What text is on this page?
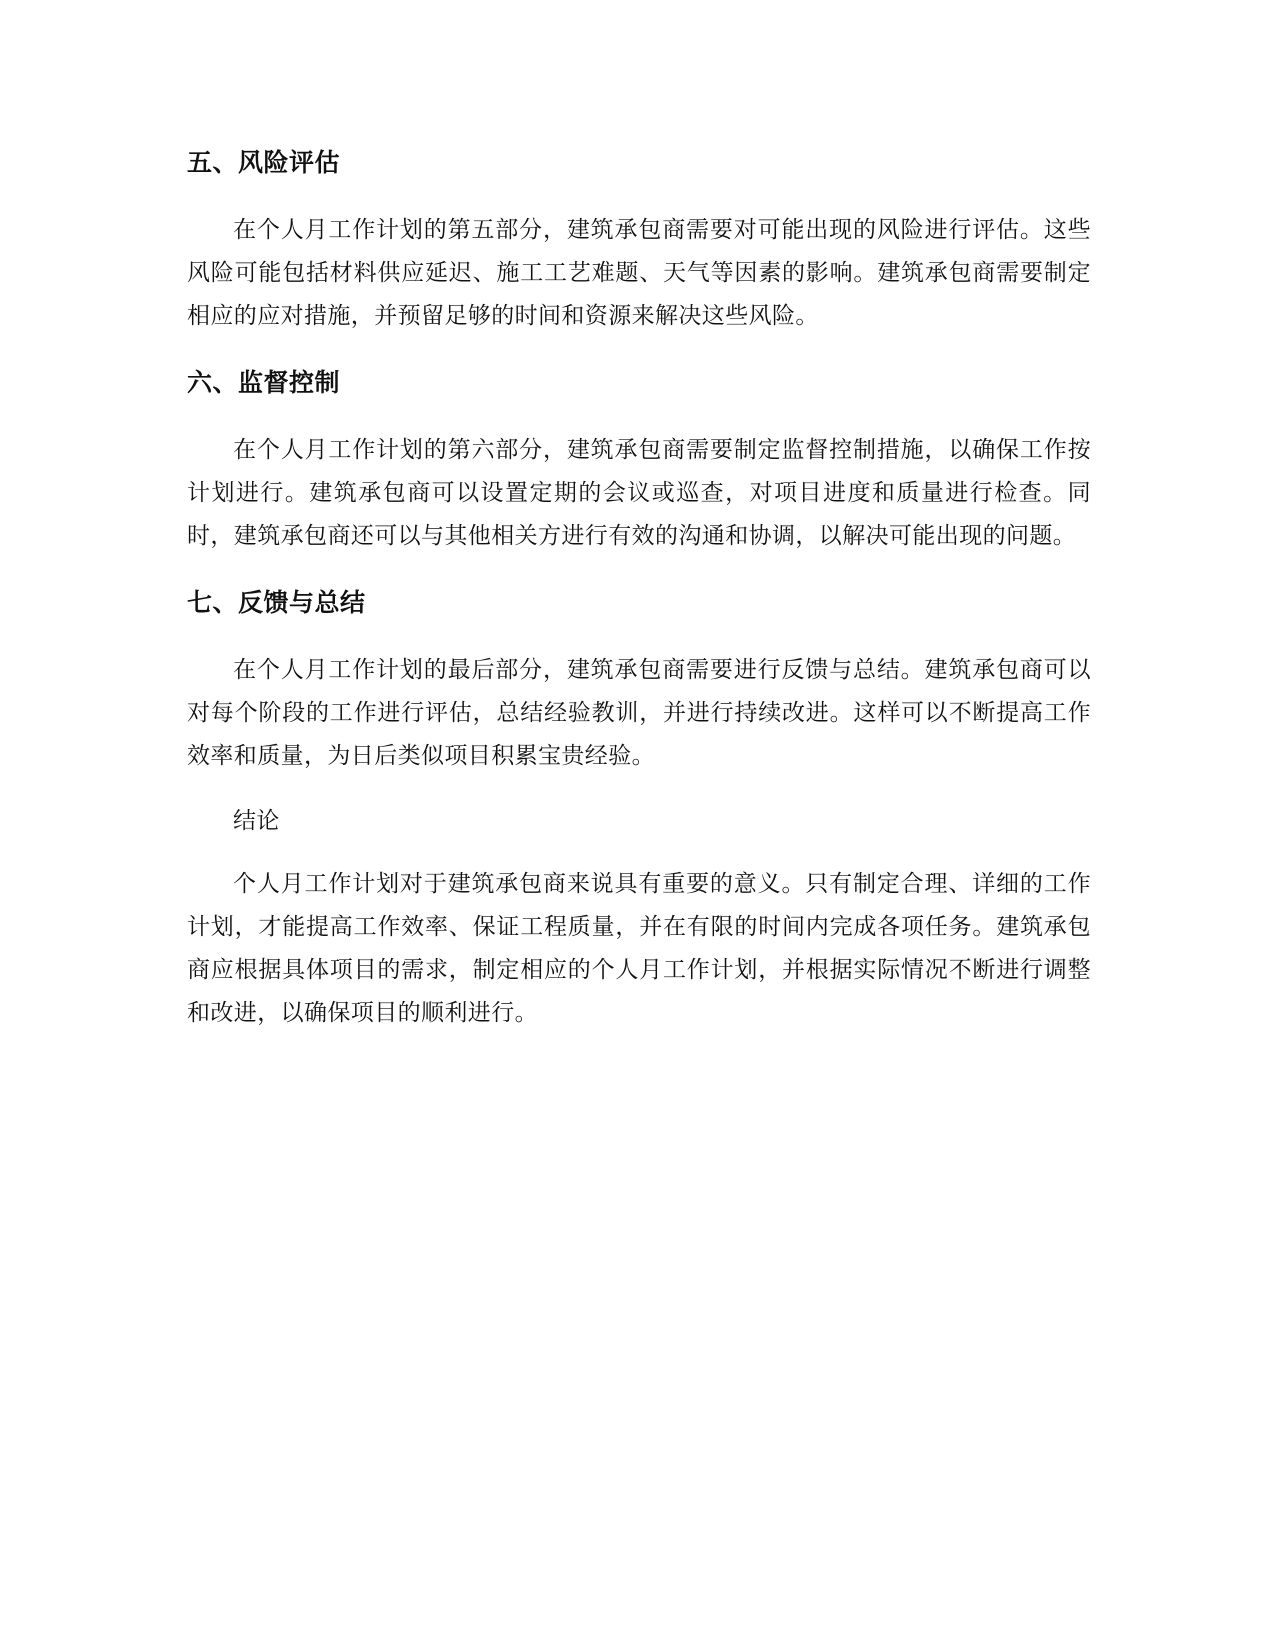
五、风险评估

在个人月工作计划的第五部分，建筑承包商需要对可能出现的风险进行评估。这些风险可能包括材料供应延迟、施工工艺难题、天气等因素的影响。建筑承包商需要制定相应的应对措施，并预留足够的时间和资源来解决这些风险。

六、监督控制

在个人月工作计划的第六部分，建筑承包商需要制定监督控制措施，以确保工作按计划进行。建筑承包商可以设置定期的会议或巡查，对项目进度和质量进行检查。同时，建筑承包商还可以与其他相关方进行有效的沟通和协调，以解决可能出现的问题。

七、反馈与总结

在个人月工作计划的最后部分，建筑承包商需要进行反馈与总结。建筑承包商可以对每个阶段的工作进行评估，总结经验教训，并进行持续改进。这样可以不断提高工作效率和质量，为日后类似项目积累宝贵经验。

结论

个人月工作计划对于建筑承包商来说具有重要的意义。只有制定合理、详细的工作计划，才能提高工作效率、保证工程质量，并在有限的时间内完成各项任务。建筑承包商应根据具体项目的需求，制定相应的个人月工作计划，并根据实际情况不断进行调整和改进，以确保项目的顺利进行。
